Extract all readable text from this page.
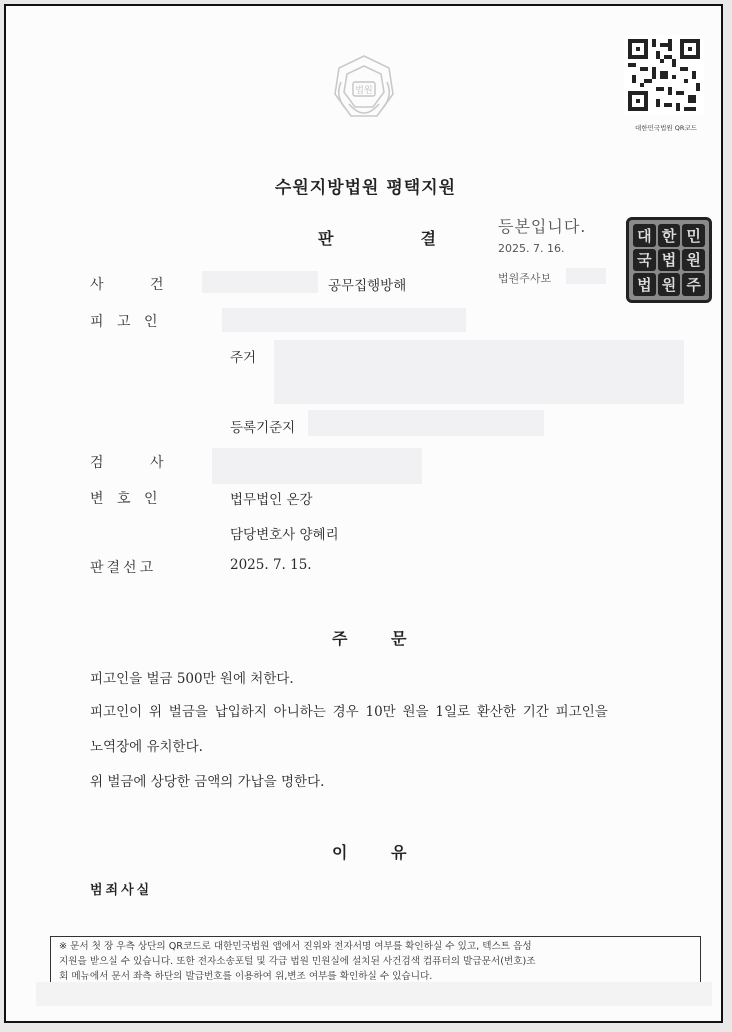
법원
대한민국법원 QR코드
수원지방법원 평택지원
판	결
등본입니다.
2025. 7. 16.
법원주사보
대 한 민
국 법 원
법 원 주
사 건	공무집행방해
피 고 인
주거
등록기준지
검 사
변 호 인	법무법인 온강
담당변호사 양혜리
판결선고	2025. 7. 15.
주 문
피고인을 벌금 500만 원에 처한다.
피고인이 위 벌금을 납입하지 아니하는 경우 10만 원을 1일로 환산한 기간 피고인을
노역장에 유치한다.
위 벌금에 상당한 금액의 가납을 명한다.
이 유
범죄사실
※ 문서 첫 장 우측 상단의 QR코드로 대한민국법원 앱에서 진위와 전자서명 여부를 확인하실 수 있고, 텍스트 음성
지원을 받으실 수 있습니다. 또한 전자소송포털 및 각급 법원 민원실에 설치된 사건검색 컴퓨터의 발급문서(번호)조
회 메뉴에서 문서 좌측 하단의 발급번호를 이용하여 위,변조 여부를 확인하실 수 있습니다.
